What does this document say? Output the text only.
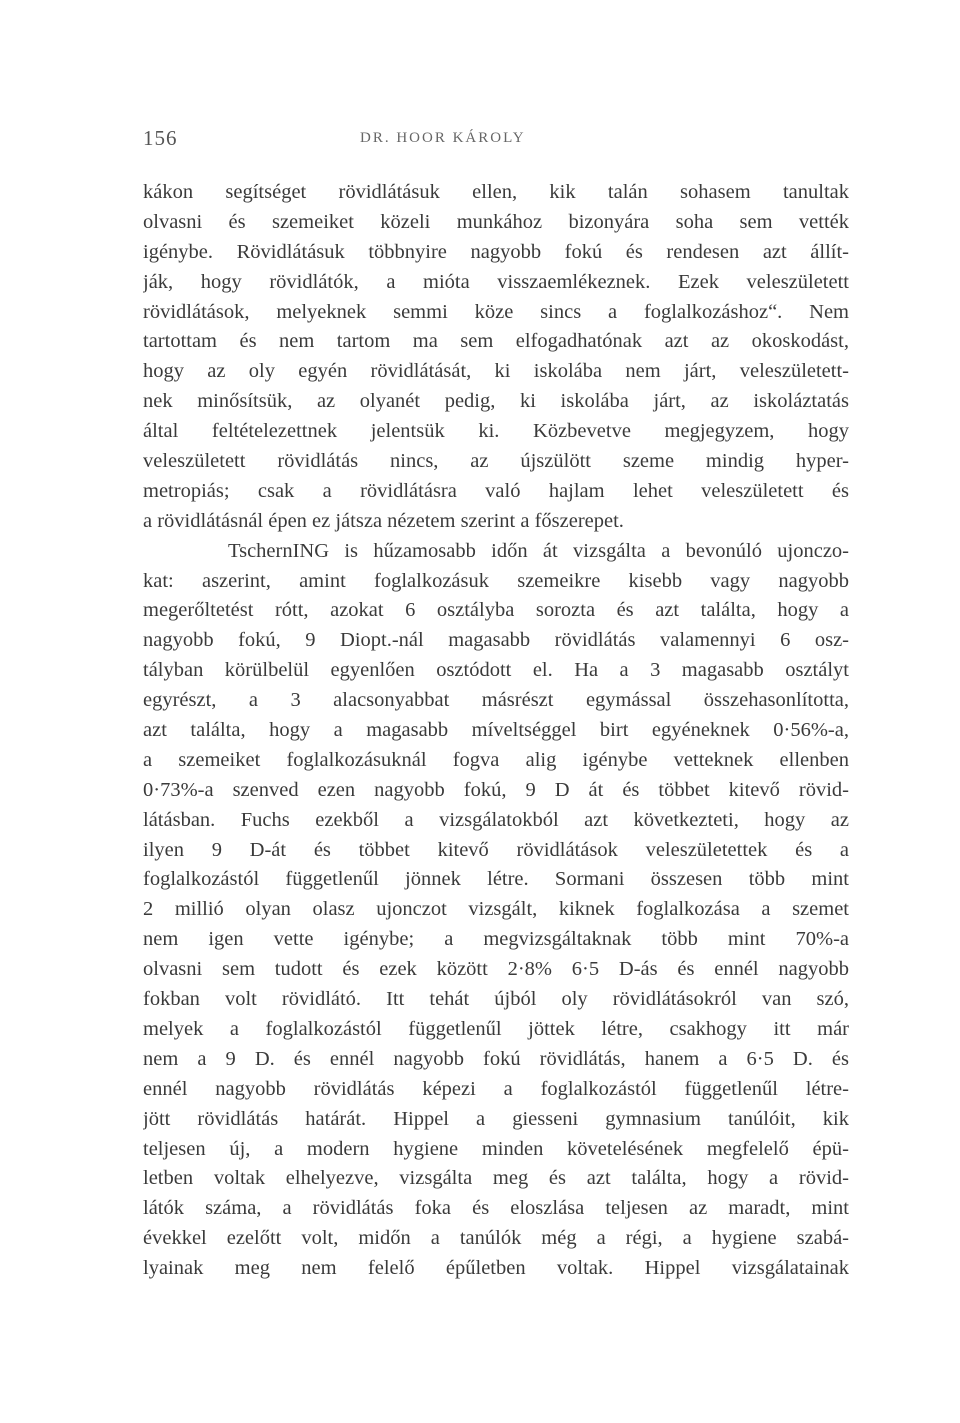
156	DR. HOOR KÁROLY
kákon segítséget rövidlátásuk ellen, kik talán sohasem tanultak
olvasni és szemeiket közeli munkához bizonyára soha sem vették
igénybe. Rövidlátásuk többnyire nagyobb fokú és rendesen azt állít-
ják, hogy rövidlátók, a mióta visszaemlékeznek. Ezek veleszületett
rövidlátások, melyeknek semmi köze sincs a foglalkozáshoz“. Nem
tartottam és nem tartom ma sem elfogadhatónak azt az okoskodást,
hogy az oly egyén rövidlátását, ki iskolába nem járt, veleszületett-
nek minősítsük, az olyanét pedig, ki iskolába járt, az iskoláztatás
által feltételezettnek jelentsük ki. Közbevetve megjegyzem, hogy
veleszületett rövidlátás nincs, az újszülött szeme mindig hyper-
metropiás; csak a rövidlátásra való hajlam lehet veleszületett és
a rövidlátásnál épen ez játsza nézetem szerint a főszerepet.
TschernING is hűzamosabb időn át vizsgálta a bevonúló ujonczo-
kat: aszerint, amint foglalkozásuk szemeikre kisebb vagy nagyobb
megerőltetést rótt, azokat 6 osztályba sorozta és azt találta, hogy a
nagyobb fokú, 9 Diopt.-nál magasabb rövidlátás valamennyi 6 osz-
tályban körülbelül egyenlően osztódott el. Ha a 3 magasabb osztályt
egyrészt, a 3 alacsonyabbat másrészt egymással összehasonlította,
azt találta, hogy a magasabb míveltséggel birt egyéneknek 0·56%-a,
a szemeiket foglalkozásuknál fogva alig igénybe vetteknek ellenben
0·73%-a szenved ezen nagyobb fokú, 9 D át és többet kitevő rövid-
látásban. Fuchs ezekből a vizsgálatokból azt következteti, hogy az
ilyen 9 D-át és többet kitevő rövidlátások veleszületettek és a
foglalkozástól függetlenűl jönnek létre. Sormani összesen több mint
2 millió olyan olasz ujonczot vizsgált, kiknek foglalkozása a szemet
nem igen vette igénybe; a megvizsgáltaknak több mint 70%-a
olvasni sem tudott és ezek között 2·8% 6·5 D-ás és ennél nagyobb
fokban volt rövidlátó. Itt tehát újból oly rövidlátásokról van szó,
melyek a foglalkozástól függetlenűl jöttek létre, csakhogy itt már
nem a 9 D. és ennél nagyobb fokú rövidlátás, hanem a 6·5 D. és
ennél nagyobb rövidlátás képezi a foglalkozástól függetlenűl létre-
jött rövidlátás határát. Hippel a giesseni gymnasium tanúlóit, kik
teljesen új, a modern hygiene minden követelésének megfelelő épü-
letben voltak elhelyezve, vizsgálta meg és azt találta, hogy a rövid-
látók száma, a rövidlátás foka és eloszlása teljesen az maradt, mint
évekkel ezelőtt volt, midőn a tanúlók még a régi, a hygiene szabá-
lyainak meg nem felelő épűletben voltak. Hippel vizsgálatainak
